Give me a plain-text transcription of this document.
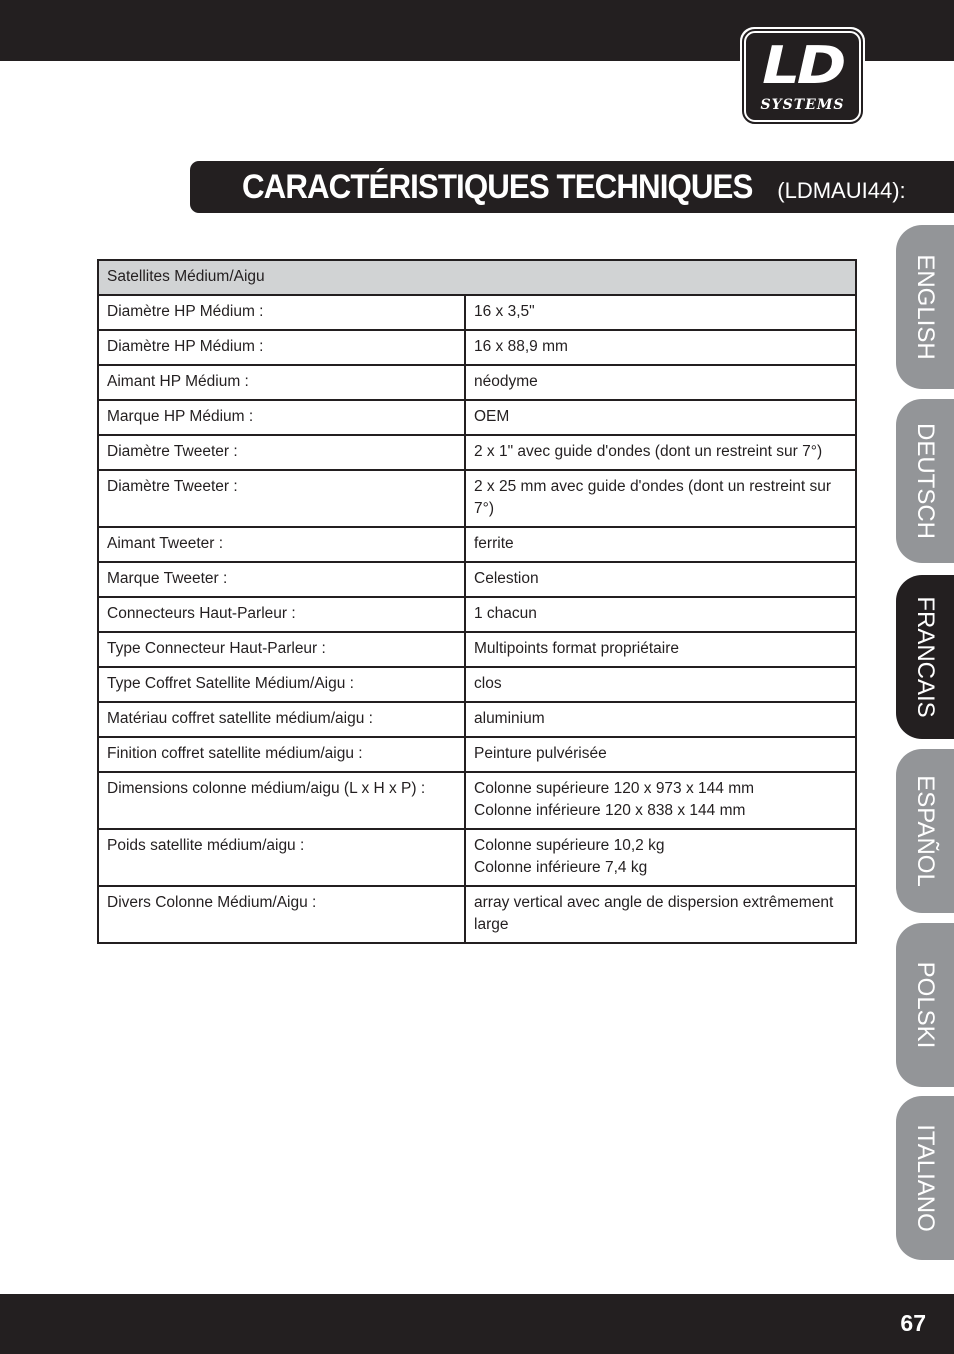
LD
SYSTEMS
CARACTÉRISTIQUES TECHNIQUES (LDMAUI44):
ENGLISH
DEUTSCH
FRANCAIS
ESPAÑOL
POLSKI
ITALIANO
Satellites Médium/Aigu	
Diamètre HP Médium :	16 x 3,5"
Diamètre HP Médium :	16 x 88,9 mm
Aimant HP Médium :	néodyme
Marque HP Médium :	OEM
Diamètre Tweeter :	2 x 1" avec guide d'ondes (dont un restreint sur 7°)
Diamètre Tweeter :	2 x 25 mm avec guide d'ondes (dont un restreint sur 7°)
Aimant Tweeter :	ferrite
Marque Tweeter :	Celestion
Connecteurs Haut-Parleur :	1 chacun
Type Connecteur Haut-Parleur :	Multipoints format propriétaire
Type Coffret Satellite Médium/Aigu :	clos
Matériau coffret satellite médium/aigu :	aluminium
Finition coffret satellite médium/aigu :	Peinture pulvérisée
Dimensions colonne médium/aigu (L x H x P) :	Colonne supérieure 120 x 973 x 144 mm
Colonne inférieure 120 x 838 x 144 mm
Poids satellite médium/aigu :	Colonne supérieure 10,2 kg
Colonne inférieure 7,4 kg
Divers Colonne Médium/Aigu :	array vertical avec angle de dispersion extrêmement large
67
